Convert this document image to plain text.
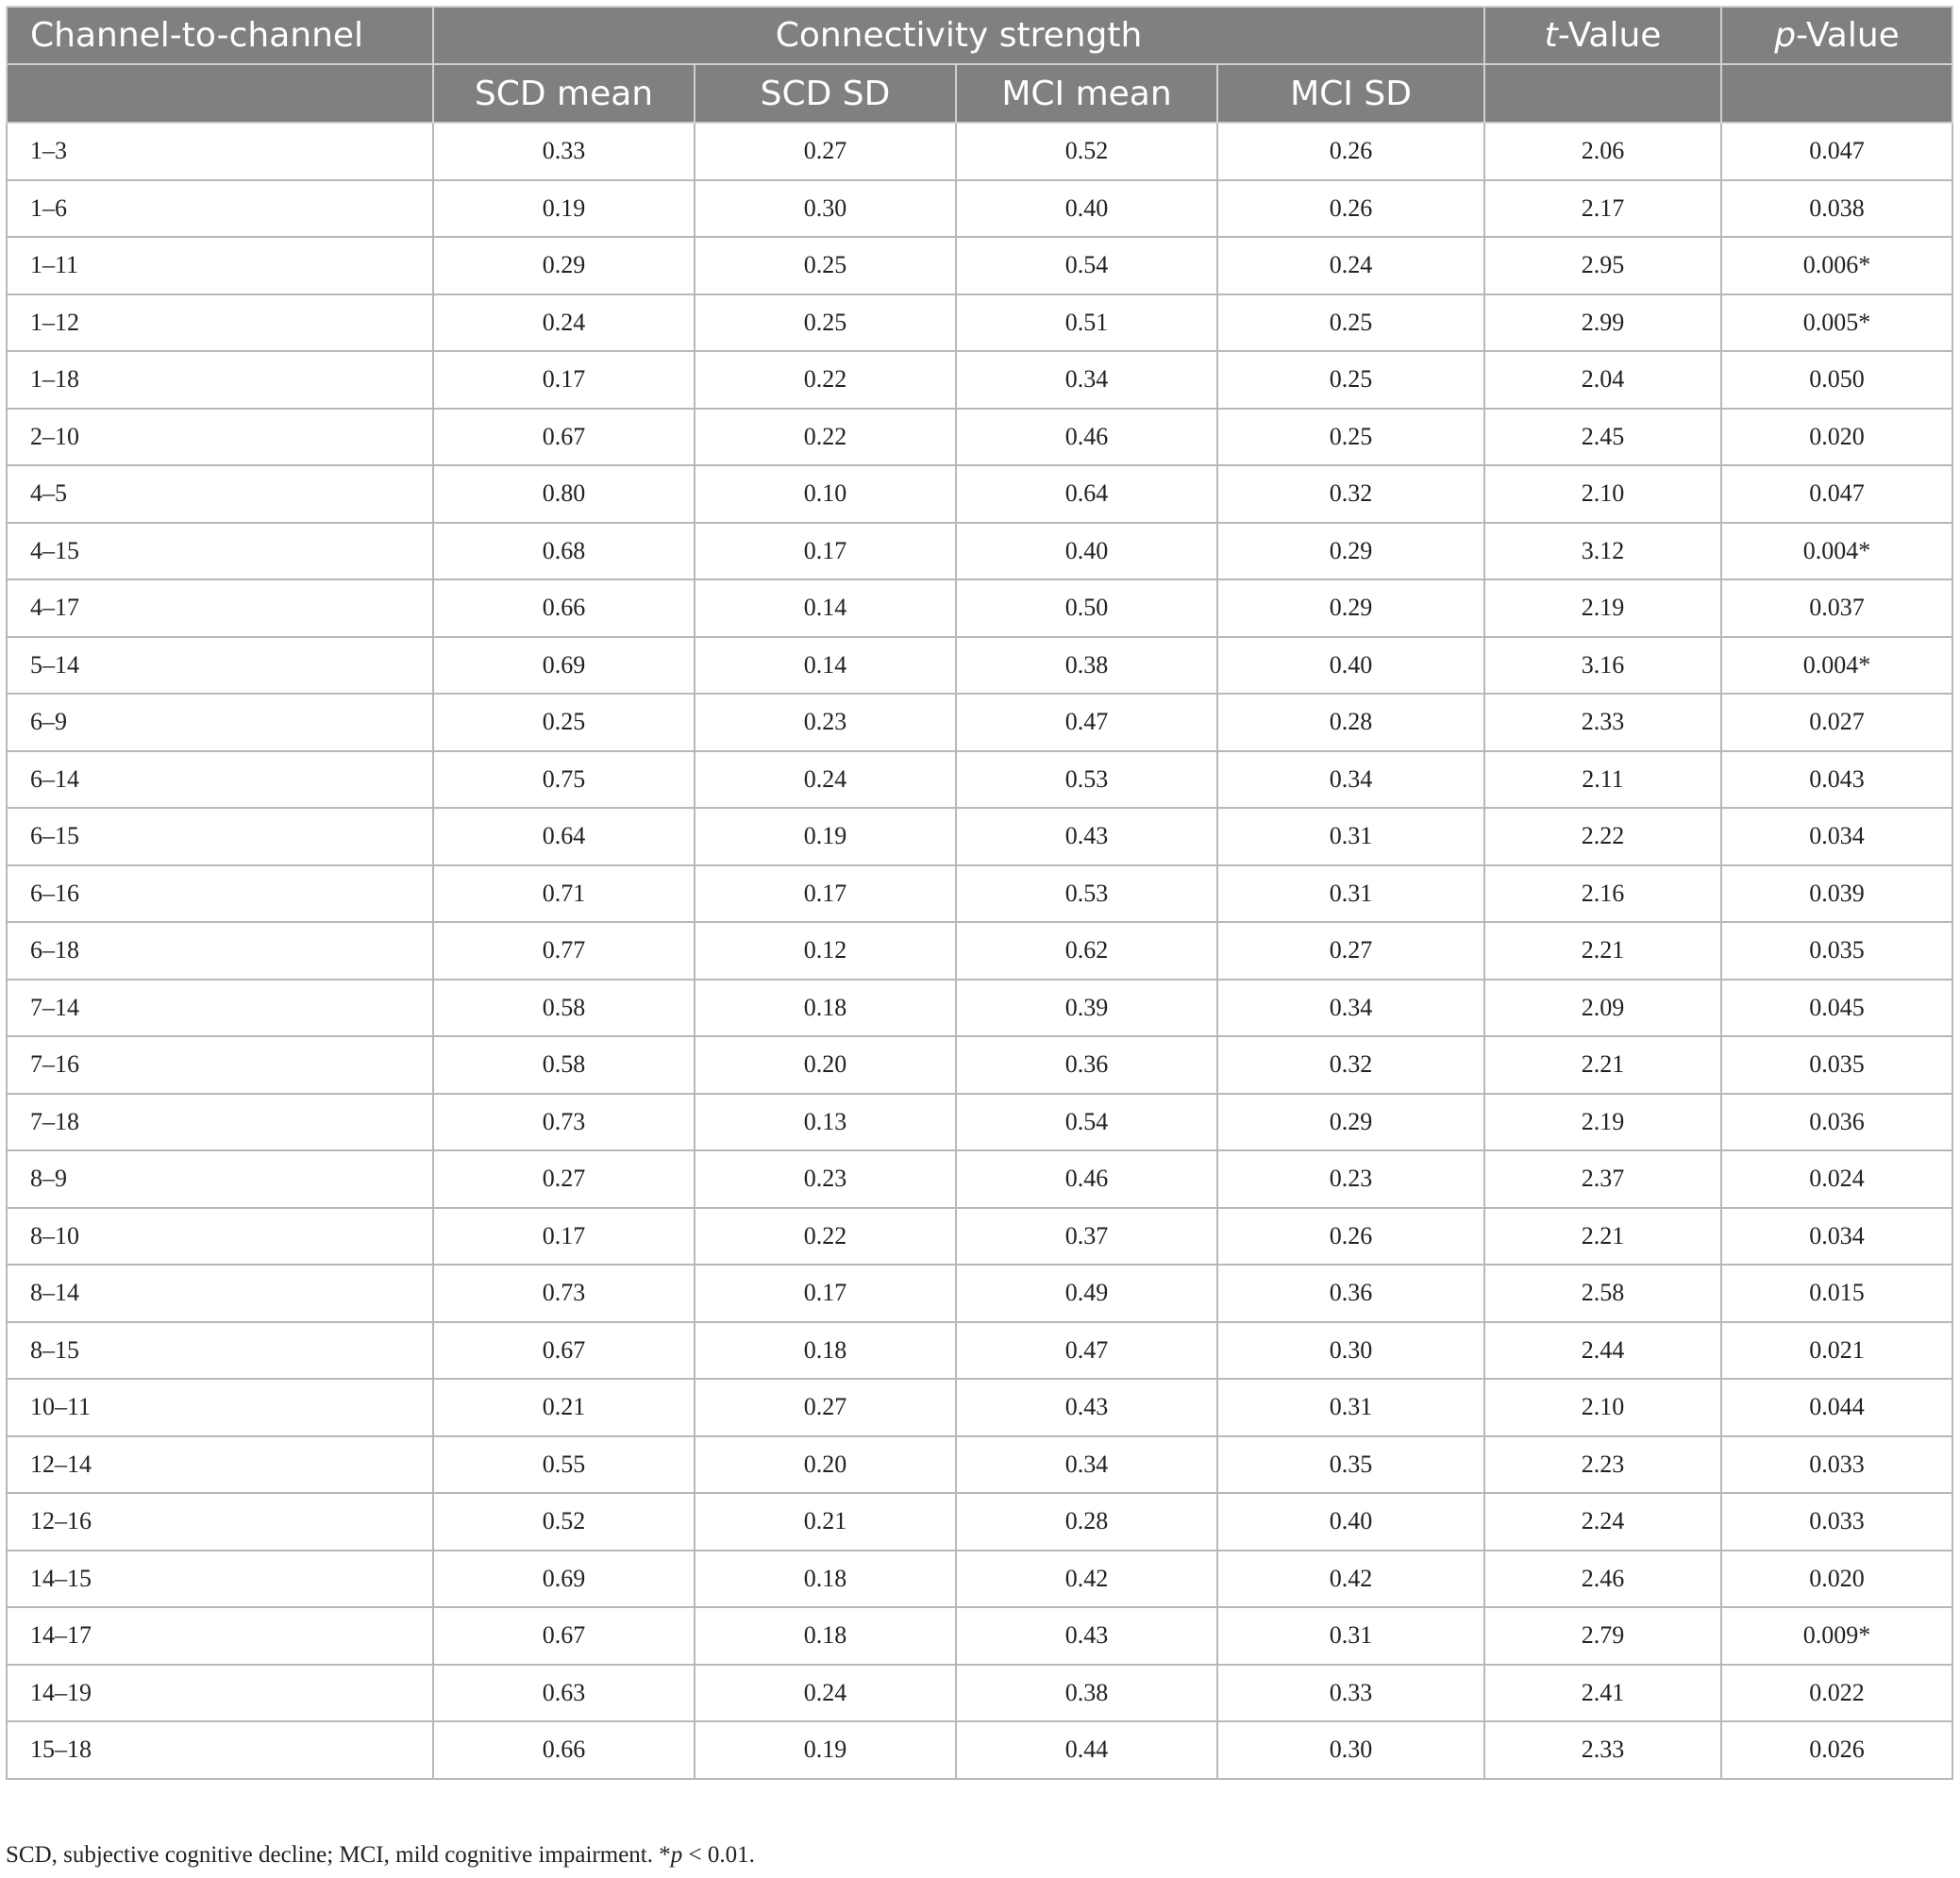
Channel-to-channel	Connectivity strength				t-Value	p-Value
	SCD mean	SCD SD	MCI mean	MCI SD		
1–3	0.33	0.27	0.52	0.26	2.06	0.047
1–6	0.19	0.30	0.40	0.26	2.17	0.038
1–11	0.29	0.25	0.54	0.24	2.95	0.006*
1–12	0.24	0.25	0.51	0.25	2.99	0.005*
1–18	0.17	0.22	0.34	0.25	2.04	0.050
2–10	0.67	0.22	0.46	0.25	2.45	0.020
4–5	0.80	0.10	0.64	0.32	2.10	0.047
4–15	0.68	0.17	0.40	0.29	3.12	0.004*
4–17	0.66	0.14	0.50	0.29	2.19	0.037
5–14	0.69	0.14	0.38	0.40	3.16	0.004*
6–9	0.25	0.23	0.47	0.28	2.33	0.027
6–14	0.75	0.24	0.53	0.34	2.11	0.043
6–15	0.64	0.19	0.43	0.31	2.22	0.034
6–16	0.71	0.17	0.53	0.31	2.16	0.039
6–18	0.77	0.12	0.62	0.27	2.21	0.035
7–14	0.58	0.18	0.39	0.34	2.09	0.045
7–16	0.58	0.20	0.36	0.32	2.21	0.035
7–18	0.73	0.13	0.54	0.29	2.19	0.036
8–9	0.27	0.23	0.46	0.23	2.37	0.024
8–10	0.17	0.22	0.37	0.26	2.21	0.034
8–14	0.73	0.17	0.49	0.36	2.58	0.015
8–15	0.67	0.18	0.47	0.30	2.44	0.021
10–11	0.21	0.27	0.43	0.31	2.10	0.044
12–14	0.55	0.20	0.34	0.35	2.23	0.033
12–16	0.52	0.21	0.28	0.40	2.24	0.033
14–15	0.69	0.18	0.42	0.42	2.46	0.020
14–17	0.67	0.18	0.43	0.31	2.79	0.009*
14–19	0.63	0.24	0.38	0.33	2.41	0.022
15–18	0.66	0.19	0.44	0.30	2.33	0.026
SCD, subjective cognitive decline; MCI, mild cognitive impairment. *p < 0.01.
